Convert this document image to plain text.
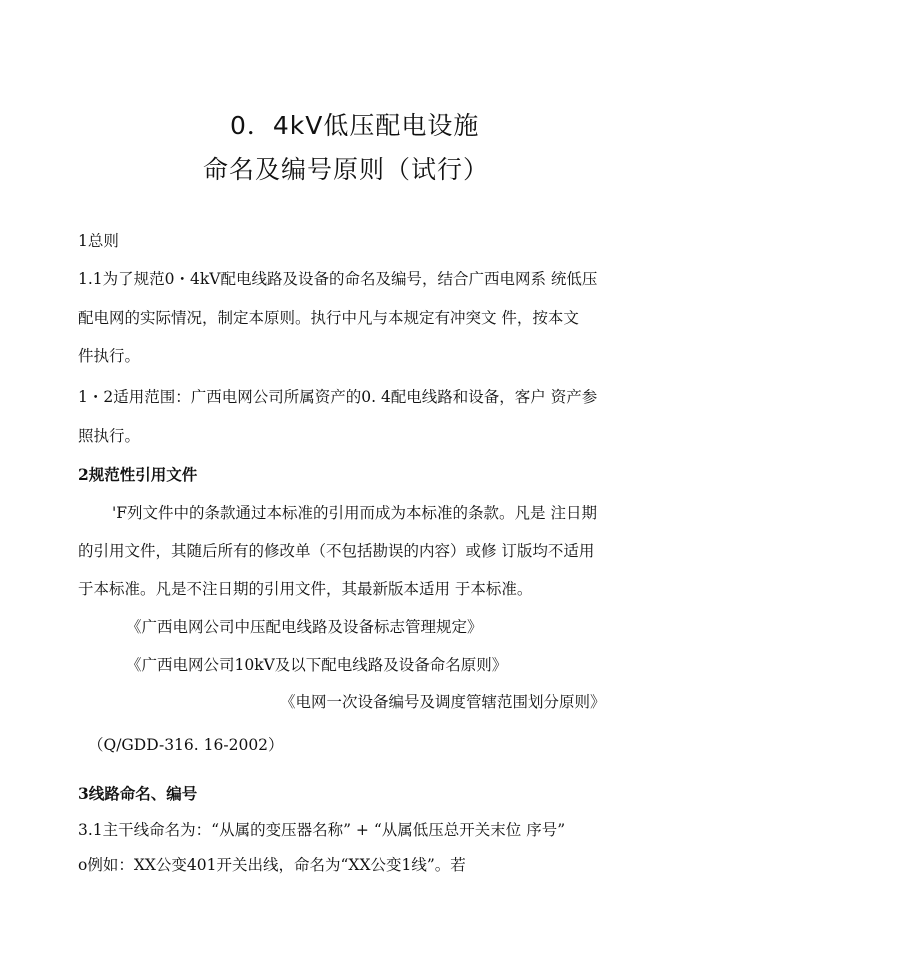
0．4kV低压配电设施
命名及编号原则（试行）

1总则

1.1为了规范0・4kV配电线路及设备的命名及编号，结合广西电网系 统低压

配电网的实际情况，制定本原则。执行中凡与本规定有冲突文 件，按本文

件执行。

1・2适用范围：广西电网公司所属资产的0. 4配电线路和设备，客户 资产参

照执行。

2规范性引用文件

'F列文件中的条款通过本标准的引用而成为本标准的条款。凡是 注日期

的引用文件，其随后所有的修改单（不包括勘误的内容）或修 订版均不适用

于本标准。凡是不注日期的引用文件，其最新版本适用 于本标准。

《广西电网公司中压配电线路及设备标志管理规定》

《广西电网公司10kV及以下配电线路及设备命名原则》

《电网一次设备编号及调度管辖范围划分原则》

（Q/GDD-316. 16-2002）

3线路命名、编号

3.1主干线命名为：“从属的变压器名称” + “从属低压总开关末位 序号”

o例如：XX公变401开关出线，命名为“XX公变1线”。若
